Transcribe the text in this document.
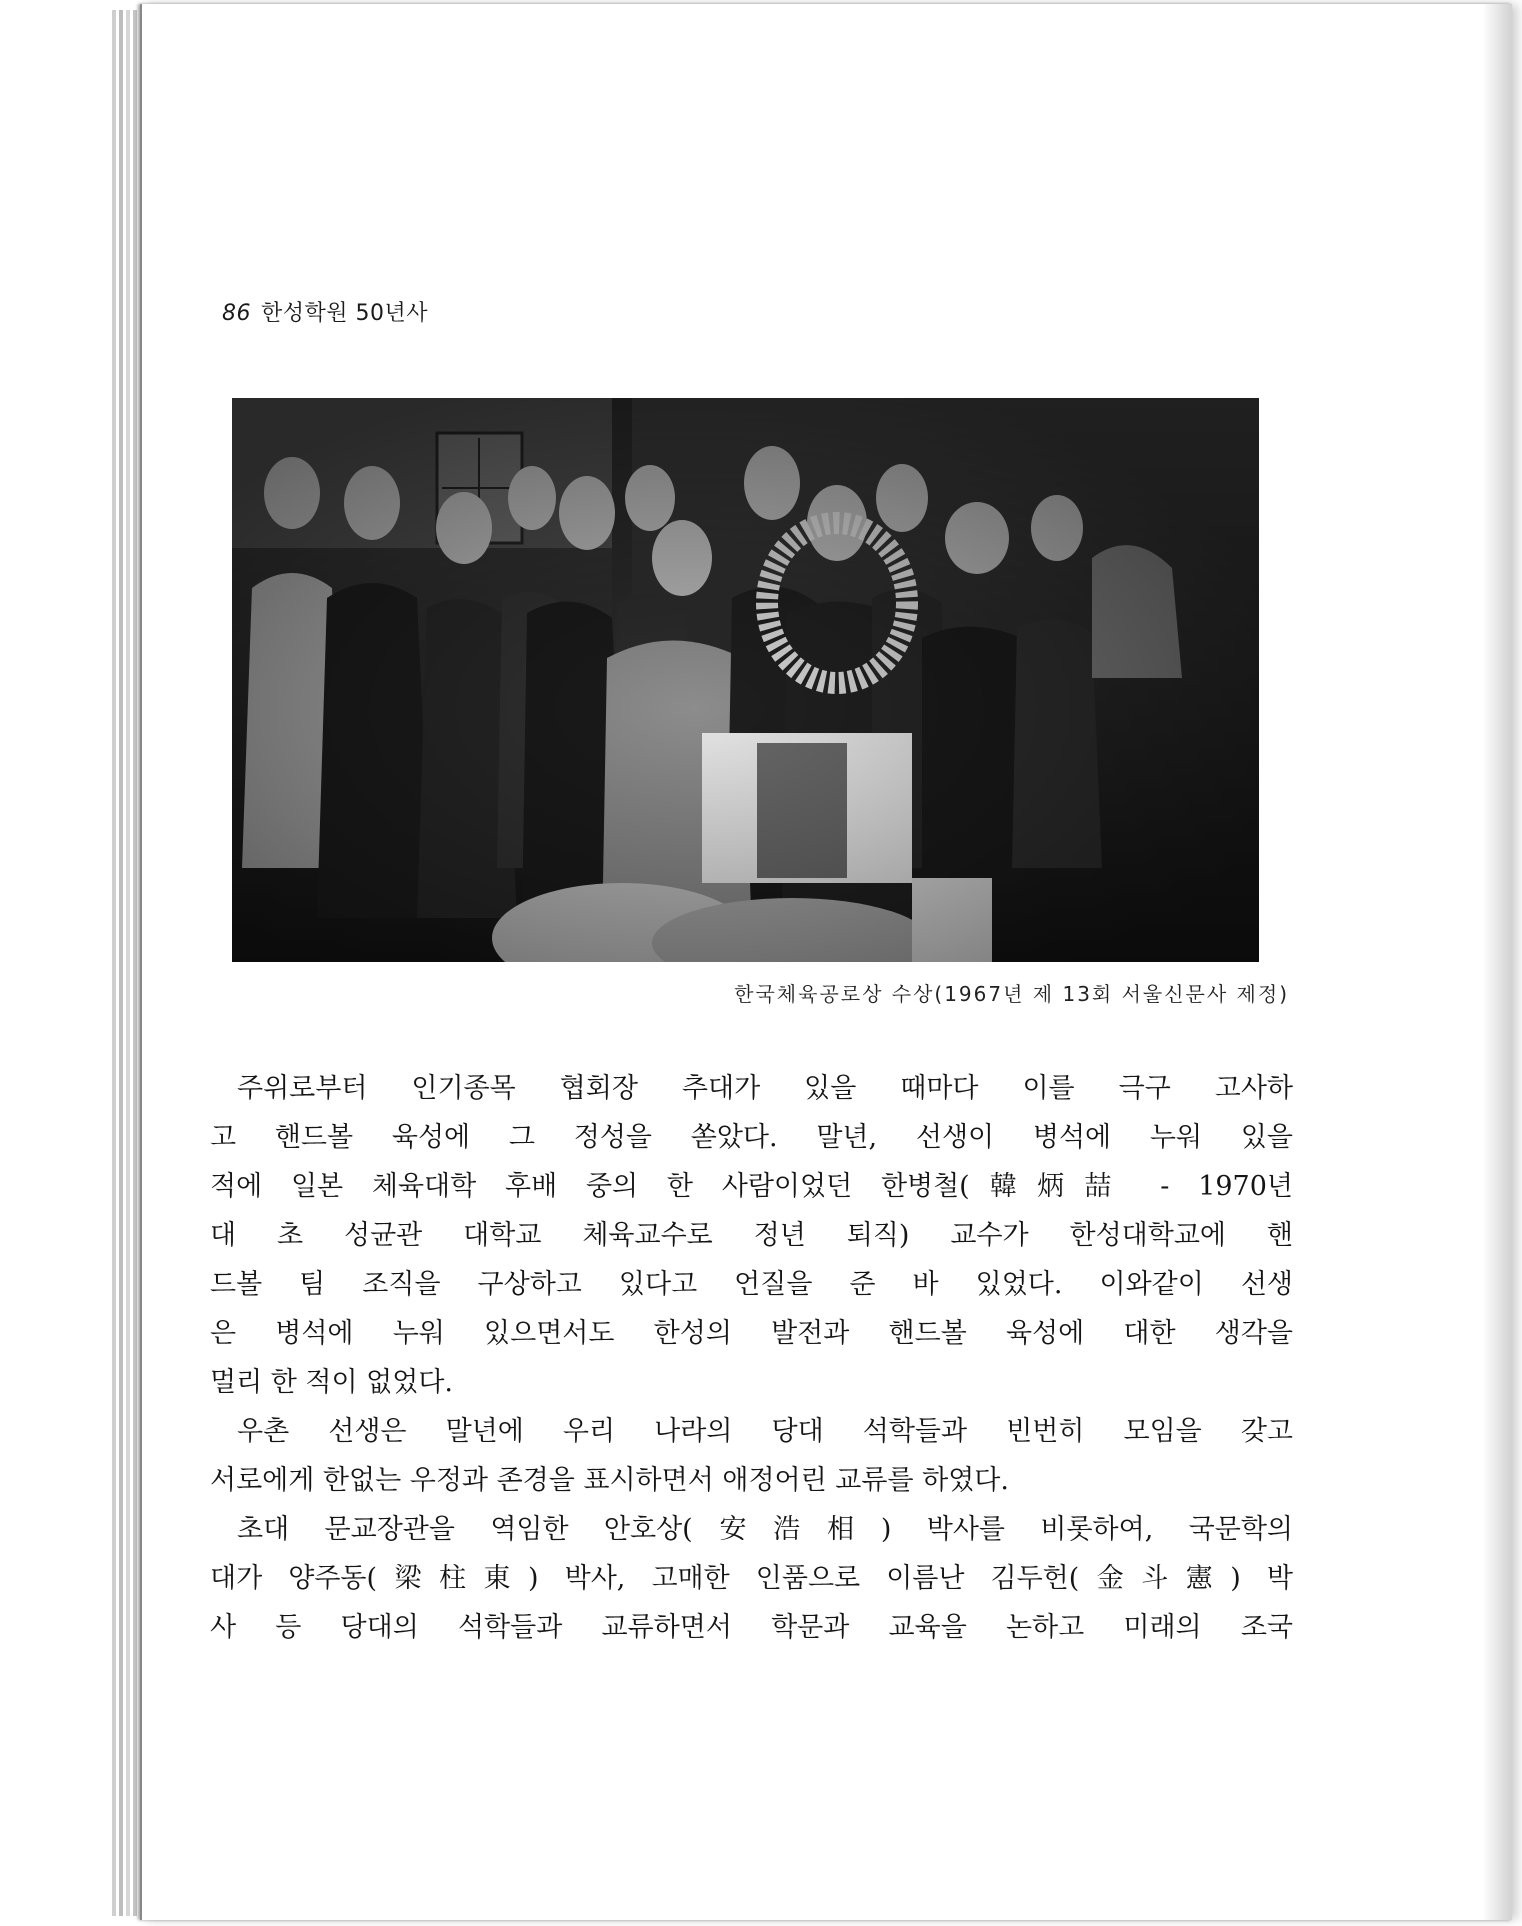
86 한성학원 50년사
한국체육공로상 수상(1967년 제 13회 서울신문사 제정)
주위로부터 인기종목 협회장 추대가 있을 때마다 이를 극구 고사하
고 핸드볼 육성에 그 정성을 쏟았다. 말년, 선생이 병석에 누워 있을
적에 일본 체육대학 후배 중의 한 사람이었던 한병철(韓炳喆 - 1970년
대 초 성균관 대학교 체육교수로 정년 퇴직) 교수가 한성대학교에 핸
드볼 팀 조직을 구상하고 있다고 언질을 준 바 있었다. 이와같이 선생
은 병석에 누워 있으면서도 한성의 발전과 핸드볼 육성에 대한 생각을
멀리 한 적이 없었다.
우촌 선생은 말년에 우리 나라의 당대 석학들과 빈번히 모임을 갖고
서로에게 한없는 우정과 존경을 표시하면서 애정어린 교류를 하였다.
초대 문교장관을 역임한 안호상(安浩相) 박사를 비롯하여, 국문학의
대가 양주동(梁柱東) 박사, 고매한 인품으로 이름난 김두헌(金斗憲) 박
사 등 당대의 석학들과 교류하면서 학문과 교육을 논하고 미래의 조국
